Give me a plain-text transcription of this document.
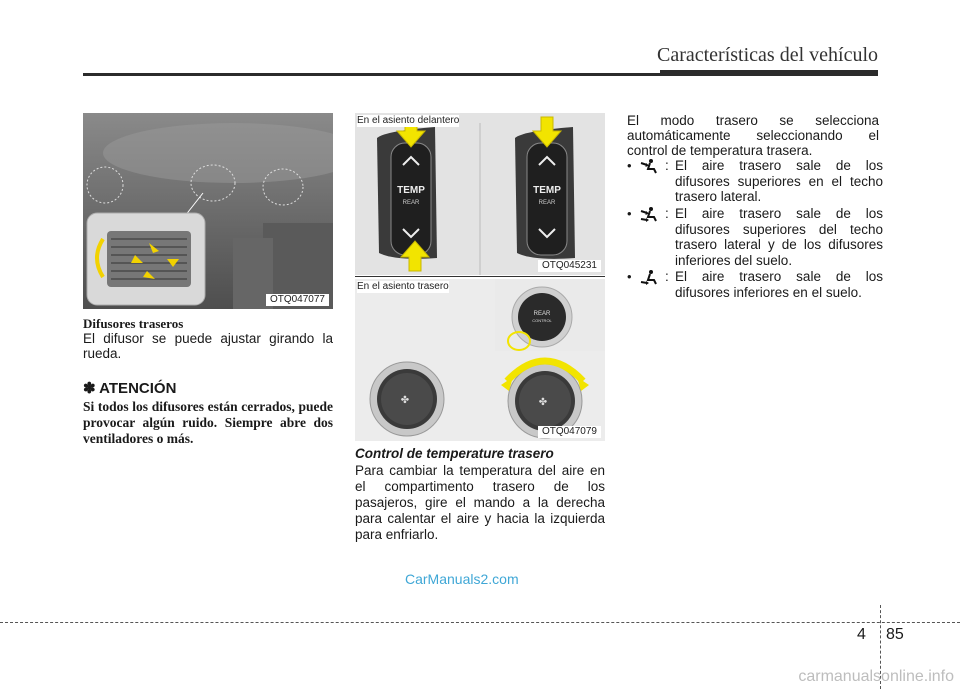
Características del vehículo
OTQ047077
Difusores traseros
El difusor se puede ajustar girando la rueda.
✽ ATENCIÓN
Si todos los difusores están cerrados, puede provocar algún ruido. Siempre abre dos ventiladores o más.
TEMP
REAR
TEMP
REAR
En el asiento delantero
OTQ045231
REAR
CONTROL
✤	✤
En el asiento trasero
OTQ047079
Control de temperature trasero
Para cambiar la temperatura del aire en el compartimento trasero de los pasajeros, gire el mando a la derecha para calentar el aire y hacia la izquierda para enfriarlo.
El modo trasero se selecciona automáticamente seleccionando el control de temperatura trasera.
• : El aire trasero sale de los difusores superiores en el techo trasero lateral.
• : El aire trasero sale de los difusores superiores del techo trasero lateral y de los difusores inferiores del suelo.
• : El aire trasero sale de los difusores inferiores en el suelo.
CarManuals2.com
4 85
carmanualsonline.info
